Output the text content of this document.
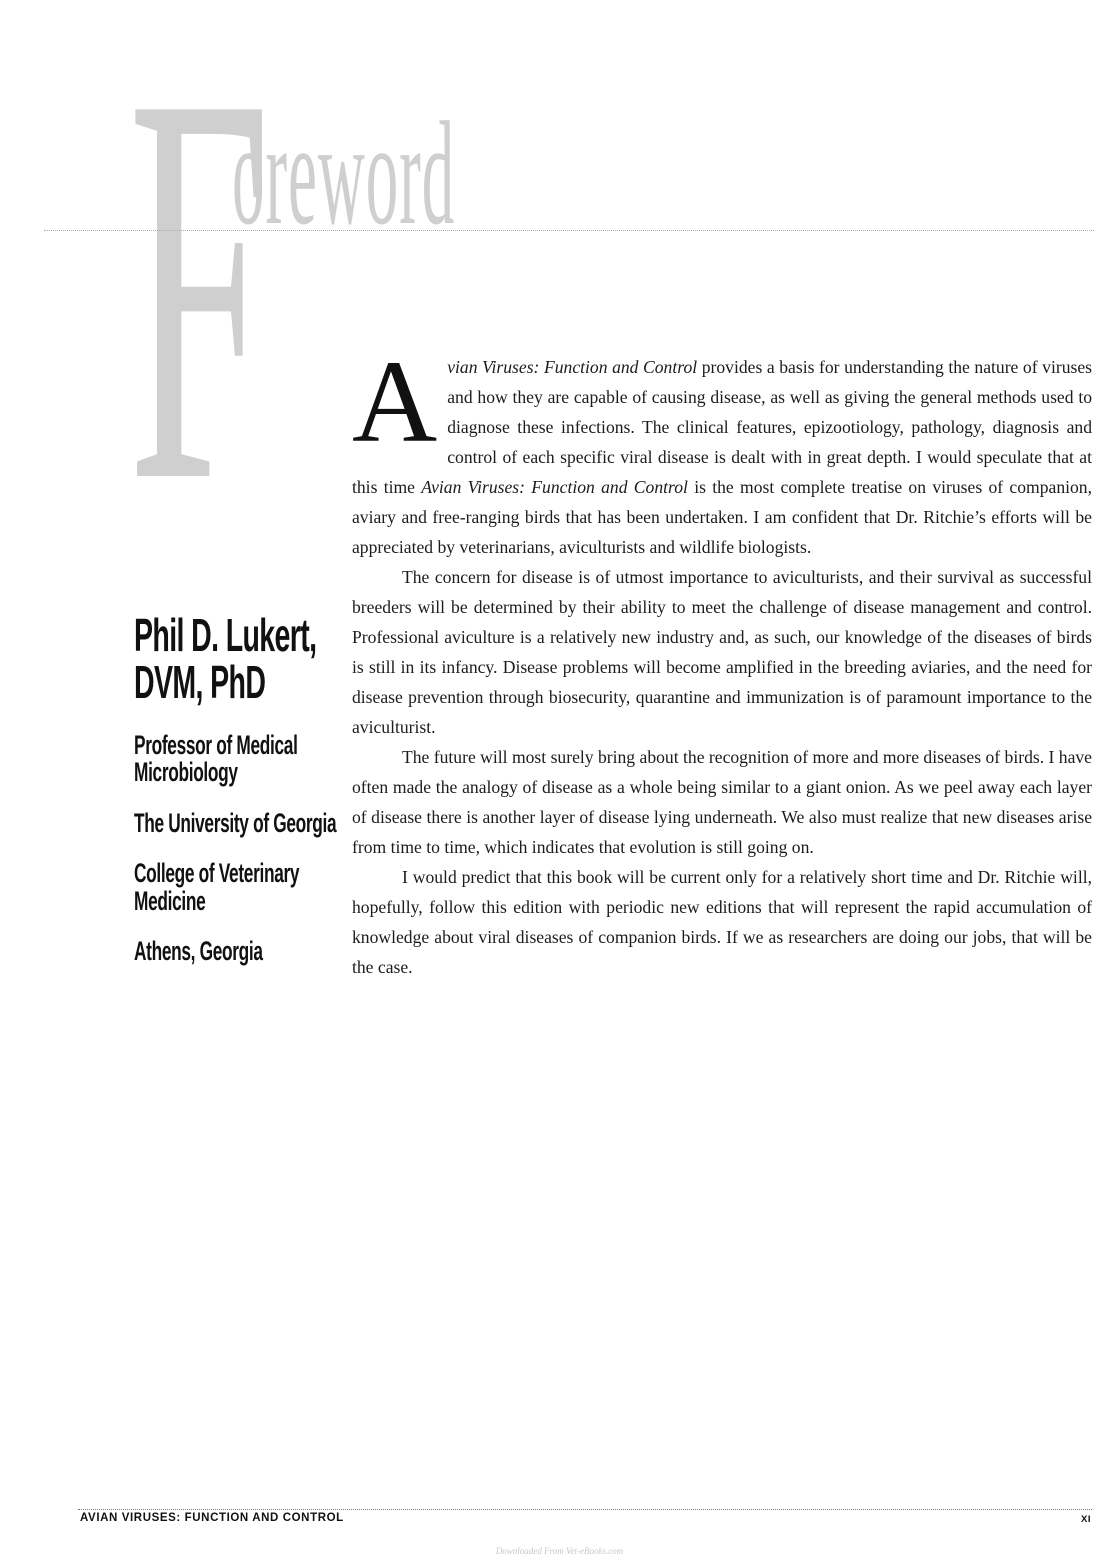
F
oreword
Phil D. Lukert,
DVM, PhD
Professor of Medical Microbiology
The University of Georgia
College of Veterinary Medicine
Athens, Georgia

Avian Viruses: Function and Control provides a basis for understanding the nature of viruses and how they are capable of causing disease, as well as giving the general methods used to diagnose these infections. The clinical features, epizootiology, pathology, diagnosis and control of each specific viral disease is dealt with in great depth. I would speculate that at this time Avian Viruses: Function and Control is the most complete treatise on viruses of companion, aviary and free-ranging birds that has been undertaken. I am confident that Dr. Ritchie’s efforts will be appreciated by veterinarians, aviculturists and wildlife biologists.

The concern for disease is of utmost importance to aviculturists, and their survival as successful breeders will be determined by their ability to meet the challenge of disease management and control. Professional aviculture is a relatively new industry and, as such, our knowledge of the diseases of birds is still in its infancy. Disease problems will become amplified in the breeding aviaries, and the need for disease prevention through biosecurity, quarantine and immunization is of paramount importance to the aviculturist.

The future will most surely bring about the recognition of more and more diseases of birds. I have often made the analogy of disease as a whole being similar to a giant onion. As we peel away each layer of disease there is another layer of disease lying underneath. We also must realize that new diseases arise from time to time, which indicates that evolution is still going on.

I would predict that this book will be current only for a relatively short time and Dr. Ritchie will, hopefully, follow this edition with periodic new editions that will represent the rapid accumulation of knowledge about viral diseases of companion birds. If we as researchers are doing our jobs, that will be the case.

AVIAN VIRUSES: FUNCTION AND CONTROL	XI
Downloaded From Vet-eBooks.com
